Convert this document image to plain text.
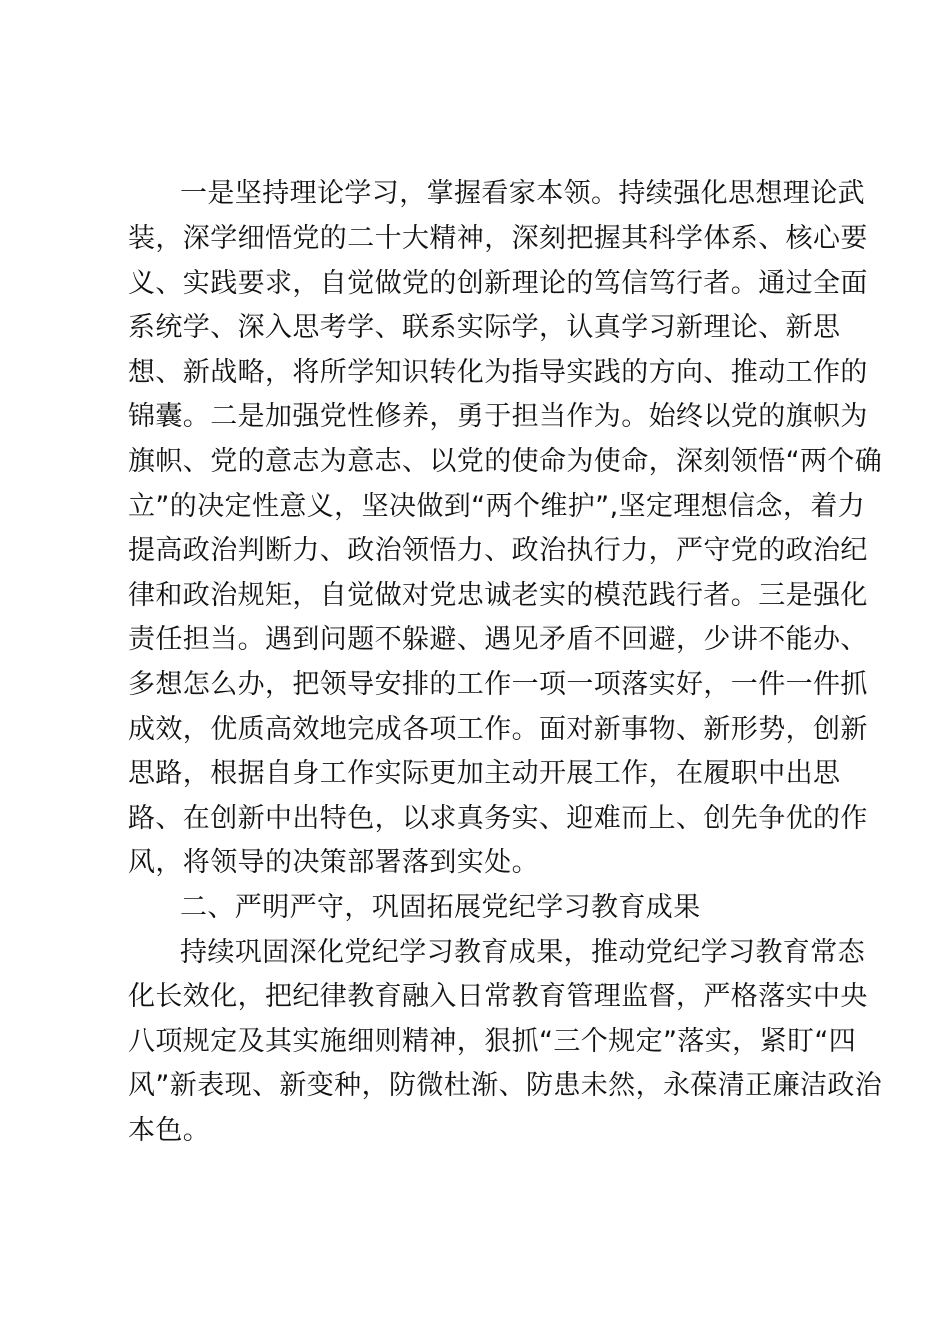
一是坚持理论学习，掌握看家本领。持续强化思想理论武
装，深学细悟党的二十大精神，深刻把握其科学体系、核心要
义、实践要求，自觉做党的创新理论的笃信笃行者。通过全面
系统学、深入思考学、联系实际学，认真学习新理论、新思
想、新战略，将所学知识转化为指导实践的方向、推动工作的
锦囊。二是加强党性修养，勇于担当作为。始终以党的旗帜为
旗帜、党的意志为意志、以党的使命为使命，深刻领悟“两个确
立”的决定性意义，坚决做到“两个维护”,坚定理想信念，着力
提高政治判断力、政治领悟力、政治执行力，严守党的政治纪
律和政治规矩，自觉做对党忠诚老实的模范践行者。三是强化
责任担当。遇到问题不躲避、遇见矛盾不回避，少讲不能办、
多想怎么办，把领导安排的工作一项一项落实好，一件一件抓
成效，优质高效地完成各项工作。面对新事物、新形势，创新
思路，根据自身工作实际更加主动开展工作，在履职中出思
路、在创新中出特色，以求真务实、迎难而上、创先争优的作
风，将领导的决策部署落到实处。
二、严明严守，巩固拓展党纪学习教育成果
持续巩固深化党纪学习教育成果，推动党纪学习教育常态
化长效化，把纪律教育融入日常教育管理监督，严格落实中央
八项规定及其实施细则精神，狠抓“三个规定”落实，紧盯“四
风”新表现、新变种，防微杜渐、防患未然，永葆清正廉洁政治
本色。
